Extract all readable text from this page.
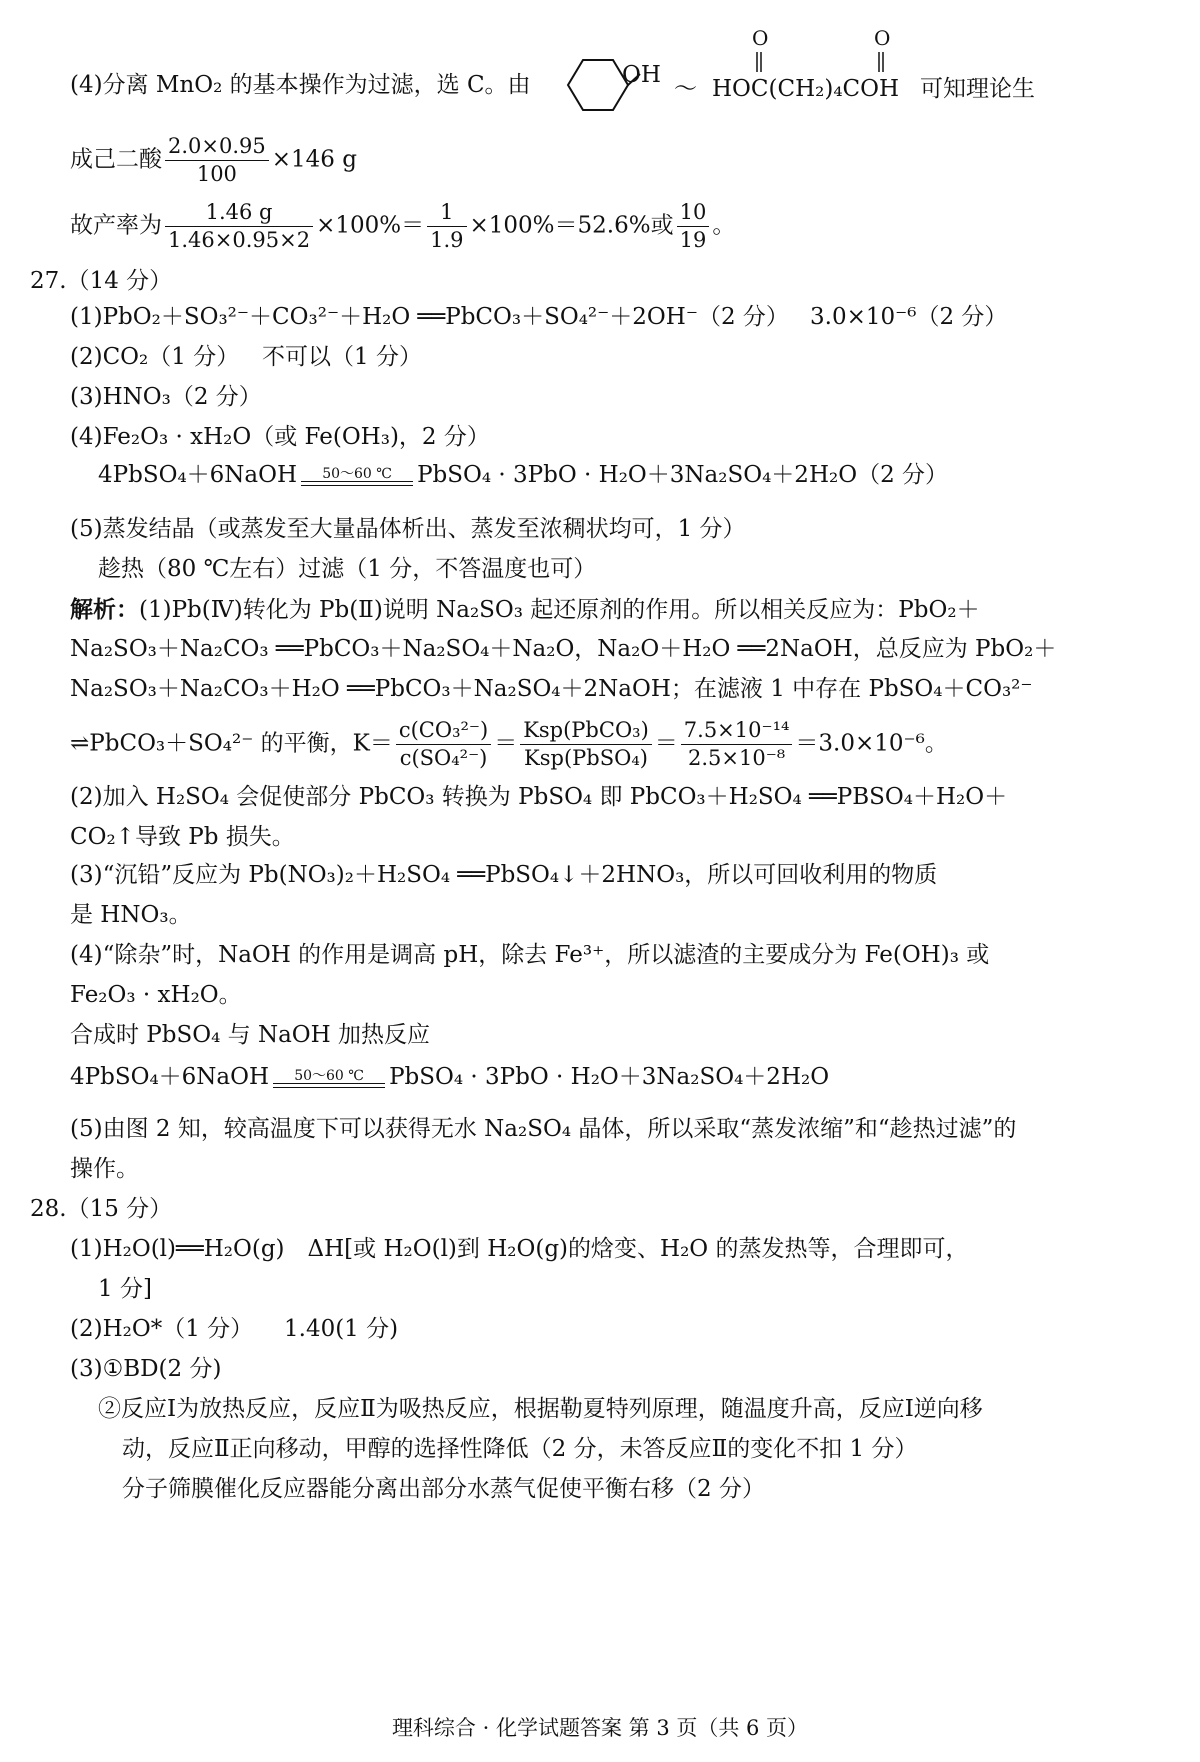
(4)分离 MnO₂ 的基本操作为过滤，选 C。由	OH
～
O	O
HOC(CH₂)₄COH 可知理论生
成己二酸 $\frac{2.0\times 0.95}{100} \times 146$ g
故产率为 $\frac{1.46 g}{1.46\times 0.95\times 2} \times 100\%= \frac{1}{1.9} \times 100\%=52.6\%$或 $\frac{10}{19}$ 。
27.（14 分）
(1)PbO₂＋SO₃²⁻＋CO₃²⁻＋H₂O ══PbCO₃＋SO₄²⁻＋2OH⁻（2 分） 3.0×10⁻⁶（2 分）
(2)CO₂（1 分） 不可以（1 分）
(3)HNO₃（2 分）
(4)Fe₂O₃ · xH₂O（或 Fe(OH₃)，2 分）
4PbSO₄＋6NaOH	50～60 ℃	PbSO₄ · 3PbO · H₂O＋3Na₂SO₄＋2H₂O（2 分）
(5)蒸发结晶（或蒸发至大量晶体析出、蒸发至浓稠状均可，1 分）
趁热（80 ℃左右）过滤（1 分，不答温度也可）
解析：(1)Pb(Ⅳ)转化为 Pb(Ⅱ)说明 Na₂SO₃ 起还原剂的作用。所以相关反应为：PbO₂＋
Na₂SO₃＋Na₂CO₃ ══PbCO₃＋Na₂SO₄＋Na₂O，Na₂O＋H₂O ══2NaOH，总反应为 PbO₂＋
Na₂SO₃＋Na₂CO₃＋H₂O ══PbCO₃＋Na₂SO₄＋2NaOH；在滤液 1 中存在 PbSO₄＋CO₃²⁻
⇌PbCO₃＋SO₄²⁻ 的平衡，$K= \frac{\text{c(CO₃²⁻)}}{\text{c(SO₄²⁻)}} = \frac{\text{Ksp(PbCO₃)}}{\text{Ksp(PbSO₄)}} = \frac{\text{7.5×10⁻¹⁴}}{\text{2.5×10⁻⁸}} =3.0\times 10^{-6}$。
(2)加入 H₂SO₄ 会促使部分 PbCO₃ 转换为 PbSO₄ 即 PbCO₃＋H₂SO₄ ══PBSO₄＋H₂O＋
CO₂↑导致 Pb 损失。
(3)“沉铅”反应为 Pb(NO₃)₂＋H₂SO₄ ══PbSO₄↓＋2HNO₃，所以可回收利用的物质
是 HNO₃。
(4)“除杂”时，NaOH 的作用是调高 pH，除去 Fe³⁺，所以滤渣的主要成分为 Fe(OH)₃ 或
Fe₂O₃ · xH₂O。
合成时 PbSO₄ 与 NaOH 加热反应
4PbSO₄＋6NaOH	50～60 ℃	PbSO₄ · 3PbO · H₂O＋3Na₂SO₄＋2H₂O
(5)由图 2 知，较高温度下可以获得无水 Na₂SO₄ 晶体，所以采取“蒸发浓缩”和“趁热过滤”的
操作。
28.（15 分）
(1)H₂O(l)══H₂O(g)　ΔH[或 H₂O(l)到 H₂O(g)的焓变、H₂O 的蒸发热等，合理即可，
1 分]
(2)H₂O*（1 分） 1.40(1 分)
(3)①BD(2 分)
②反应Ⅰ为放热反应，反应Ⅱ为吸热反应，根据勒夏特列原理，随温度升高，反应Ⅰ逆向移
动，反应Ⅱ正向移动，甲醇的选择性降低（2 分，未答反应Ⅱ的变化不扣 1 分）
分子筛膜催化反应器能分离出部分水蒸气促使平衡右移（2 分）
理科综合 · 化学试题答案 第 3 页（共 6 页）
